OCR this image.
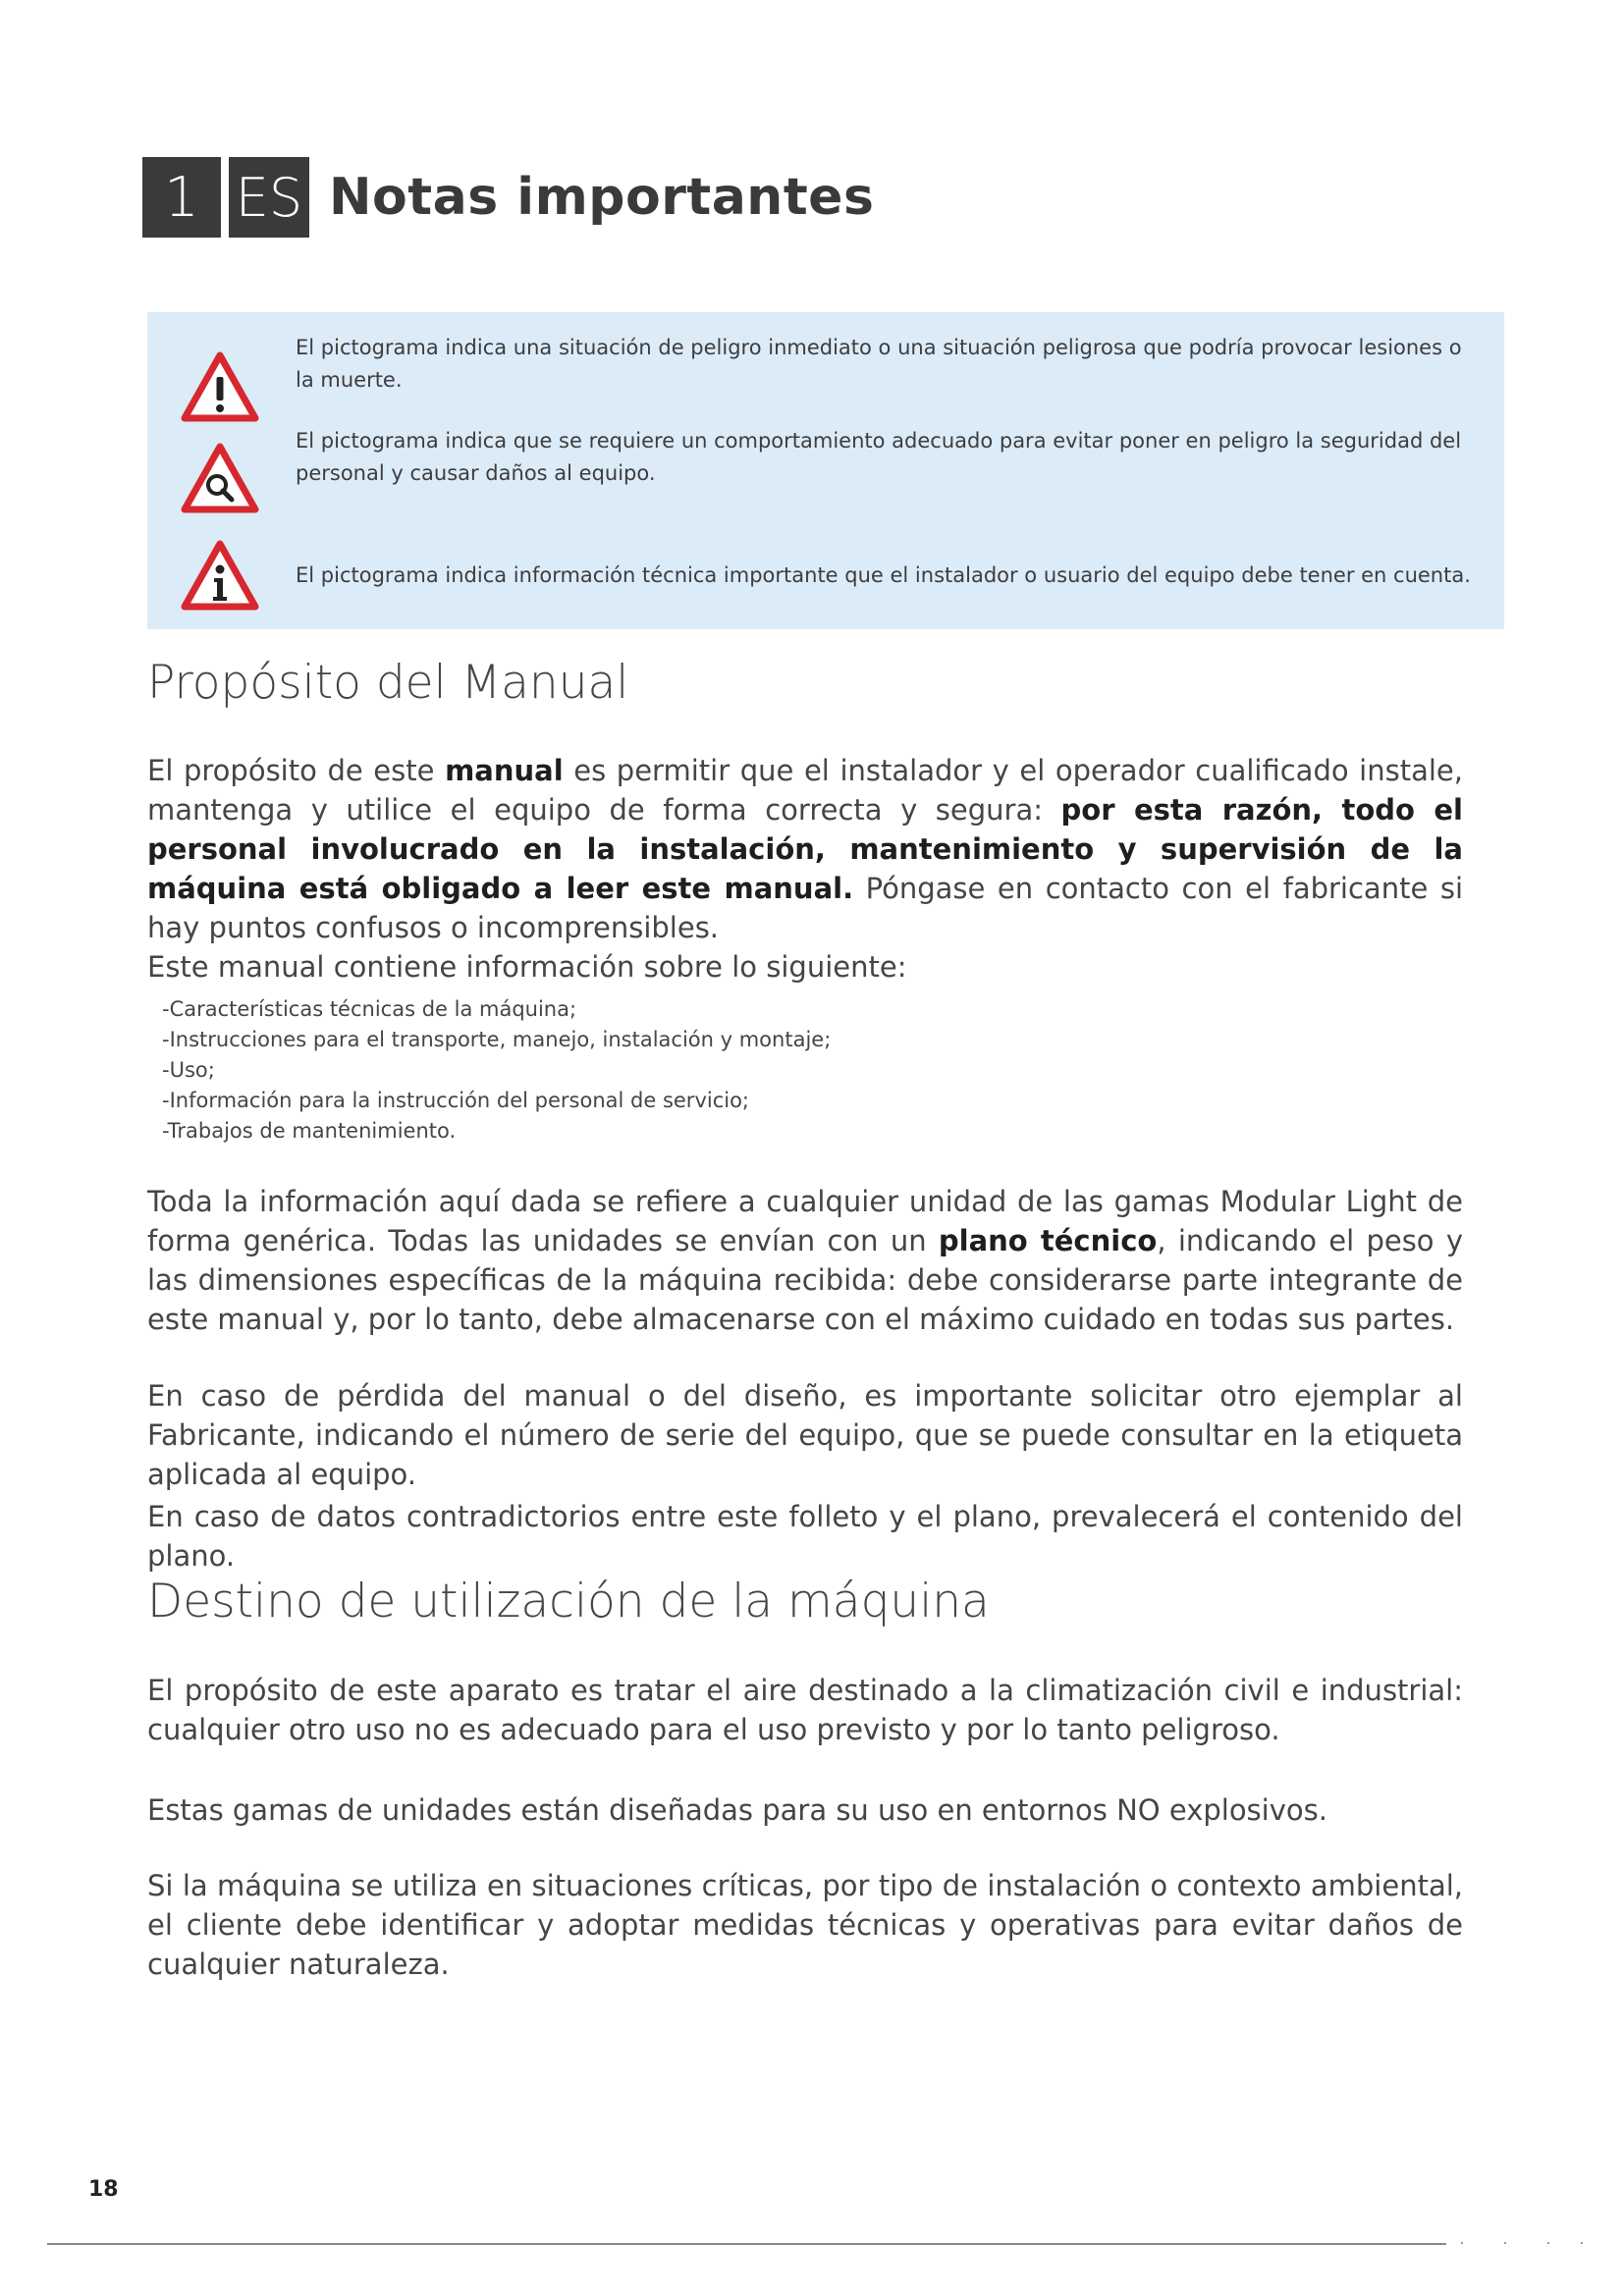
1 ES Notas importantes
El pictograma indica una situación de peligro inmediato o una situación peligrosa que podría provocar lesiones o la muerte.
El pictograma indica que se requiere un comportamiento adecuado para evitar poner en peligro la seguridad del personal y causar daños al equipo.
El pictograma indica información técnica importante que el instalador o usuario del equipo debe tener en cuenta.
Propósito del Manual
El propósito de este manual es permitir que el instalador y el operador cualificado instale, mantenga y utilice el equipo de forma correcta y segura: por esta razón, todo el personal involucrado en la instalación, mantenimiento y supervisión de la máquina está obligado a leer este manual. Póngase en contacto con el fabricante si hay puntos confusos o incomprensibles.
Este manual contiene información sobre lo siguiente:
-Características técnicas de la máquina;
-Instrucciones para el transporte, manejo, instalación y montaje;
-Uso;
-Información para la instrucción del personal de servicio;
-Trabajos de mantenimiento.
Toda la información aquí dada se refiere a cualquier unidad de las gamas Modular Light de forma genérica. Todas las unidades se envían con un plano técnico, indicando el peso y las dimensiones específicas de la máquina recibida: debe considerarse parte integrante de este manual y, por lo tanto, debe almacenarse con el máximo cuidado en todas sus partes.
En caso de pérdida del manual o del diseño, es importante solicitar otro ejemplar al Fabricante, indicando el número de serie del equipo, que se puede consultar en la etiqueta aplicada al equipo.
En caso de datos contradictorios entre este folleto y el plano, prevalecerá el contenido del plano.
Destino de utilización de la máquina
El propósito de este aparato es tratar el aire destinado a la climatización civil e industrial: cualquier otro uso no es adecuado para el uso previsto y por lo tanto peligroso.
Estas gamas de unidades están diseñadas para su uso en entornos NO explosivos.
Si la máquina se utiliza en situaciones críticas, por tipo de instalación o contexto ambiental, el cliente debe identificar y adoptar medidas técnicas y operativas para evitar daños de cualquier naturaleza.
18
